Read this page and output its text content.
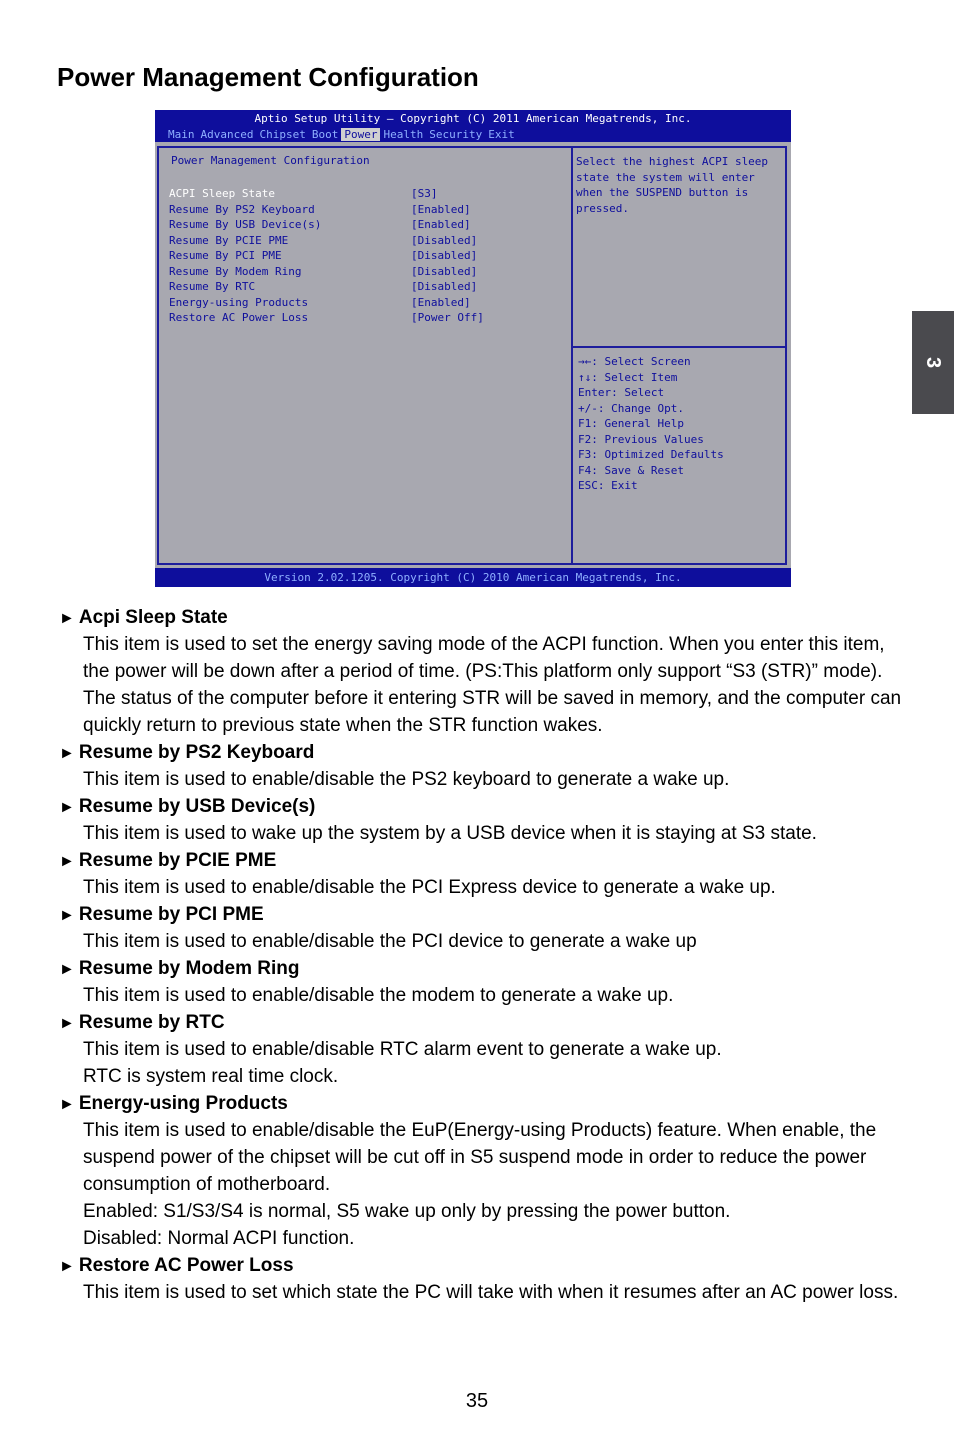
Power Management Configuration
3
Aptio Setup Utility – Copyright (C) 2011 American Megatrends, Inc.
Main Advanced Chipset Boot Power Health Security Exit
Power Management Configuration
ACPI Sleep State	[S3]
Resume By PS2 Keyboard	[Enabled]
Resume By USB Device(s)	[Enabled]
Resume By PCIE PME	[Disabled]
Resume By PCI PME	[Disabled]
Resume By Modem Ring	[Disabled]
Resume By RTC	[Disabled]
Energy-using Products	[Enabled]
Restore AC Power Loss	[Power Off]
Select the highest ACPI sleep state the system will enter when the SUSPEND button is pressed.
→←: Select Screen
↑↓: Select Item
Enter: Select
+/-: Change Opt.
F1: General Help
F2: Previous Values
F3: Optimized Defaults
F4: Save & Reset
ESC: Exit
Version 2.02.1205. Copyright (C) 2010 American Megatrends, Inc.
► Acpi Sleep State

This item is used to set the energy saving mode of the ACPI function. When you enter this item, the power will be down after a period of time. (PS:This platform only support “S3 (STR)” mode). The status of the computer before it entering STR will be saved in memory, and the computer can quickly return to previous state when the STR function wakes.

► Resume by PS2 Keyboard

This item is used to enable/disable the PS2 keyboard to generate a wake up.

► Resume by USB Device(s)

This item is used to wake up the system by a USB device when it is staying at S3 state.

► Resume by PCIE PME

This item is used to enable/disable the PCI Express device to generate a wake up.

► Resume by PCI PME

This item is used to enable/disable the PCI device to generate a wake up

► Resume by Modem Ring

This item is used to enable/disable the modem to generate a wake up.

► Resume by RTC

This item is used to enable/disable RTC alarm event to generate a wake up.

RTC is system real time clock.

► Energy-using Products

This item is used to enable/disable the EuP(Energy-using Products) feature. When enable, the suspend power of the chipset will be cut off in S5 suspend mode in order to reduce the power consumption of motherboard.

Enabled: S1/S3/S4 is normal, S5 wake up only by pressing the power button.

Disabled: Normal ACPI function.

► Restore AC Power Loss

This item is used to set which state the PC will take with when it resumes after an AC power loss.

35
